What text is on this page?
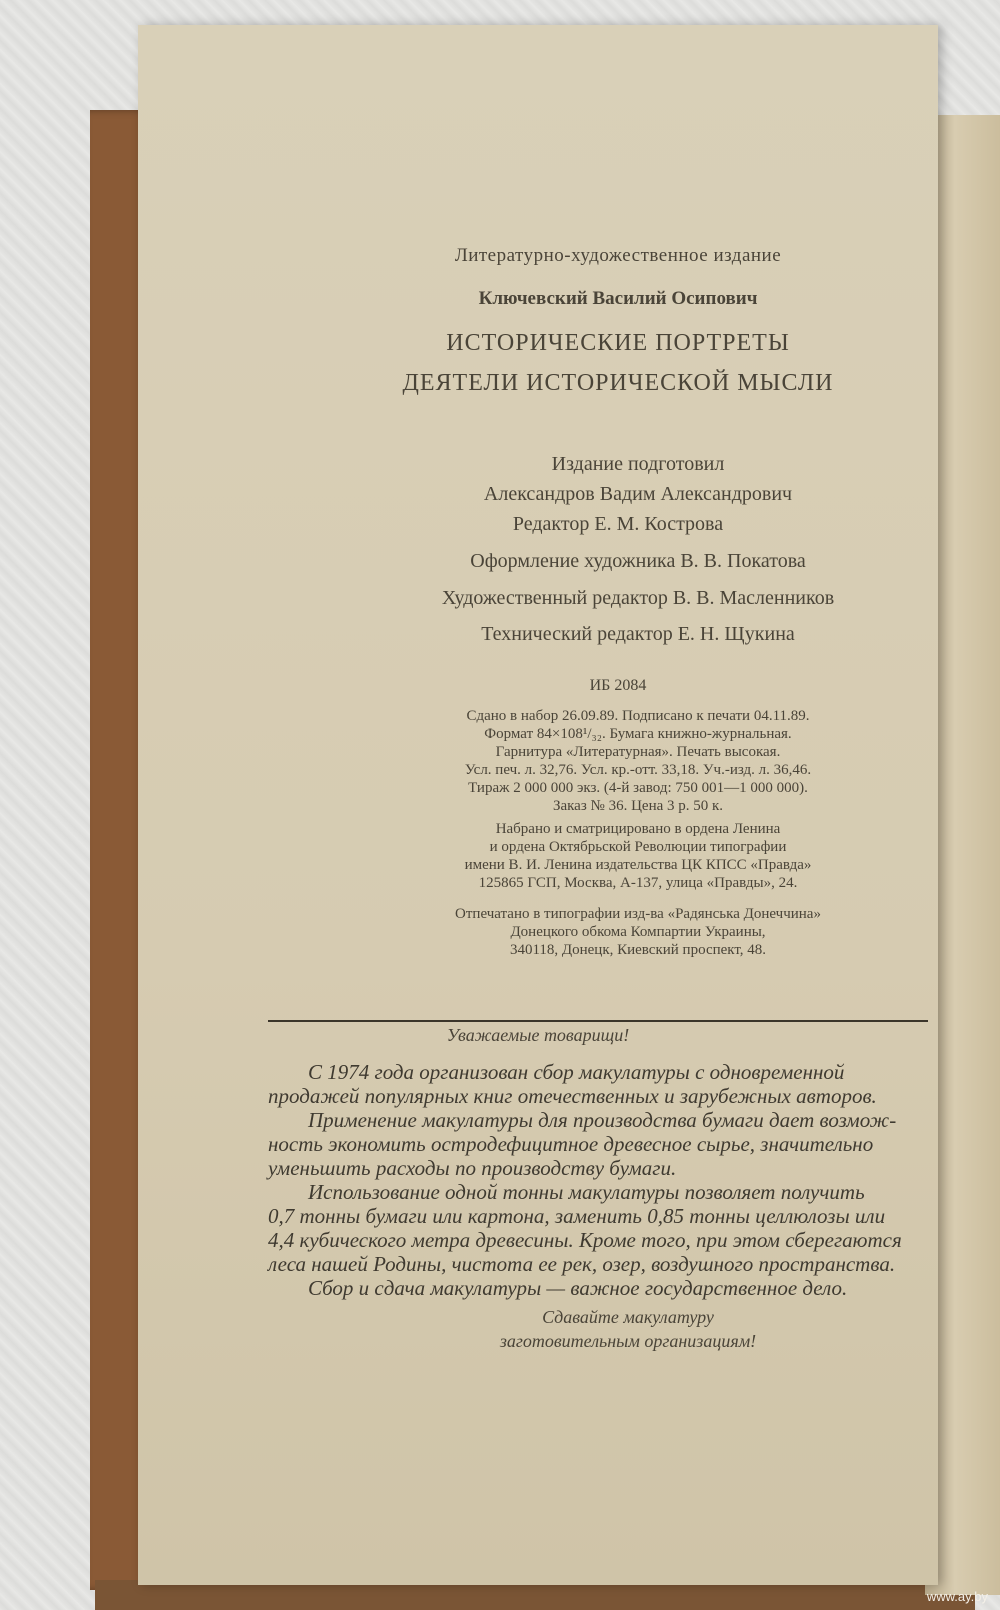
Литературно-художественное издание
Ключевский Василий Осипович
ИСТОРИЧЕСКИЕ ПОРТРЕТЫ
ДЕЯТЕЛИ ИСТОРИЧЕСКОЙ МЫСЛИ
Издание подготовил
Александров Вадим Александрович
Редактор Е. М. Кострова
Оформление художника В. В. Покатова
Художественный редактор В. В. Масленников
Технический редактор Е. Н. Щукина
ИБ 2084
Сдано в набор 26.09.89. Подписано к печати 04.11.89.
Формат 84×108¹/₃₂. Бумага книжно-журнальная.
Гарнитура «Литературная». Печать высокая.
Усл. печ. л. 32,76. Усл. кр.-отт. 33,18. Уч.-изд. л. 36,46.
Тираж 2 000 000 экз. (4-й завод: 750 001—1 000 000).
Заказ № 36. Цена 3 р. 50 к.
Набрано и сматрицировано в ордена Ленина
и ордена Октябрьской Революции типографии
имени В. И. Ленина издательства ЦК КПСС «Правда»
125865 ГСП, Москва, А-137, улица «Правды», 24.
Отпечатано в типографии изд-ва «Радянська Донеччина»
Донецкого обкома Компартии Украины,
340118, Донецк, Киевский проспект, 48.
Уважаемые товарищи!
С 1974 года организован сбор макулатуры с одновременной
продажей популярных книг отечественных и зарубежных авторов.
Применение макулатуры для производства бумаги дает возмож-
ность экономить остродефицитное древесное сырье, значительно
уменьшить расходы по производству бумаги.
Использование одной тонны макулатуры позволяет получить
0,7 тонны бумаги или картона, заменить 0,85 тонны целлюлозы или
4,4 кубического метра древесины. Кроме того, при этом сберегаются
леса нашей Родины, чистота ее рек, озер, воздушного пространства.
Сбор и сдача макулатуры — важное государственное дело.
Сдавайте макулатуру
заготовительным организациям!
www.ay.by
